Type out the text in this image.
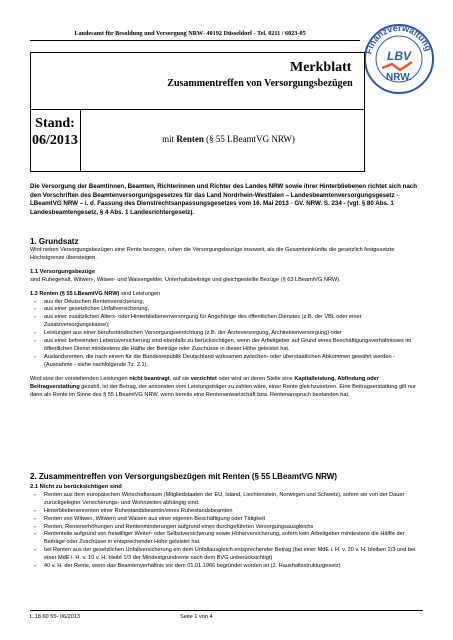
Landesamt für Besoldung und Versorgung NRW- 40192 Düsseldorf - Tel. 0211 / 6023-05
Finanzverwaltung
LBV
NRW.
Merkblatt
Zusammentreffen von Versorgungsbezügen
Stand:
06/2013	mit Renten (§ 55 LBeamtVG NRW)
Die Versorgung der Beamtinnen, Beamten, Richterinnen und Richter des Landes NRW sowie ihrer Hinterbliebenen richtet sich nach den Vorschriften des Beamtenversorgungsgesetzes für das Land Nordrhein-Westfalen – Landesbeamtenversorgungsgesetz - LBeamtVG NRW – i. d. Fassung des Dienstrechtsanpassungsgesetzes vom 16. Mai 2013 - GV. NRW. S. 234 - (vgl. § 80 Abs. 1 Landesbeamtengesetz, § 4 Abs. 1 Landesrichtergesetz).
1. Grundsatz
Wird neben Versorgungsbezügen eine Rente bezogen, ruhen die Versorgungsbezüge insoweit, als die Gesamteinkünfte die gesetzlich festgesetzte Höchstgrenze übersteigen.
1.1 Versorgungsbezüge
sind Ruhegehalt, Witwen-, Witwer- und Waisengelder, Unterhaltsbeiträge und gleichgestellte Bezüge (§ 63 LBeamtVG NRW).
1.3 Renten (§ 55 LBeamtVG NRW) sind Leistungen
- aus der Deutschen Rentenversicherung,
- aus einer gesetzlichen Unfallversicherung,
- aus einer zusätzlichen Alters- oder Hinterbliebenenversorgung für Angehörige des öffentlichen Dienstes (z.B. der VBL oder einer Zusatzversorgungskasse);
- Leistungen aus einer berufsständischen Versorgungseinrichtung (z.B. der Ärzteversorgung, Architektenversorgung) oder
- aus einer befreienden Lebensversicherung sind ebenfalls zu berücksichtigen, wenn der Arbeitgeber auf Grund eines Beschäftigungsverhältnisses im öffentlichen Dienst mindestens die Hälfte der Beiträge oder Zuschüsse in dieser Höhe geleistet hat.
- Auslandsrenten, die nach einem für die Bundesrepublik Deutschland wirksamen zwischen- oder überstaatlichen Abkommen gewährt werden - (Ausnahme - siehe nachfolgende Tz. 2.1).
Wird eine der vorstehenden Leistungen nicht beantragt, auf sie verzichtet oder wird an deren Stelle eine Kapitalleistung, Abfindung oder Beitragserstattung gezahlt, ist der Betrag, der ansonsten vom Leistungsträger zu zahlen wäre, einer Rente gleichzusetzen. Eine Beitragserstattung gilt nur dann als Rente im Sinne des § 55 LBeamtVG NRW, wenn bereits eine Rentenanwartschaft bzw. Rentenanspruch bestanden hat.
2. Zusammentreffen von Versorgungsbezügen mit Renten (§ 55 LBeamtVG NRW)
2.1 Nicht zu berücksichtigen sind
- Renten aus dem europäischen Wirtschaftsraum (Mitgliedstaaten der EU, Island, Liechtenstein, Norwegen und Schweiz), sofern sie von der Dauer zurückgelegter Versicherungs- und Wohnzeiten abhängig sind.
- Hinterbliebenenrenten einer Ruhestandsbeamtin/eines Ruhestandsbeamten
- Renten von Witwen, Witwern und Waisen aus einer eigenen Beschäftigung oder Tätigkeit
- Renten, Rentenerhöhungen und Rentenminderungen aufgrund eines durchgeführten Versorgungsausgleichs
- Rententeile aufgrund von freiwilliger Weiter- oder Selbstversicherung sowie Höherversicherung, sofern kein Arbeitgeber mindestens die Hälfte der Beiträge oder Zuschüsse in entsprechender Höhe geleistet hat.
- bei Renten aus der gesetzlichen Unfallversicherung ein dem Unfallausgleich entsprechender Betrag (bei einer MdE i. H. v. 20 v. H. bleiben 2/3 und bei einer MdE i. H. v. 10 v. H. bleibt 1/3 der Mindestgrundrente nach dem BVG unberücksichtigt)
- 40 v. H. der Rente, wenn das Beamtenverhältnis vor dem 01.01.1966 begründet worden ist (2. Haushaltsstrukturgesetz)
L.18.60 55- 06/2013	Seite 1 von 4
